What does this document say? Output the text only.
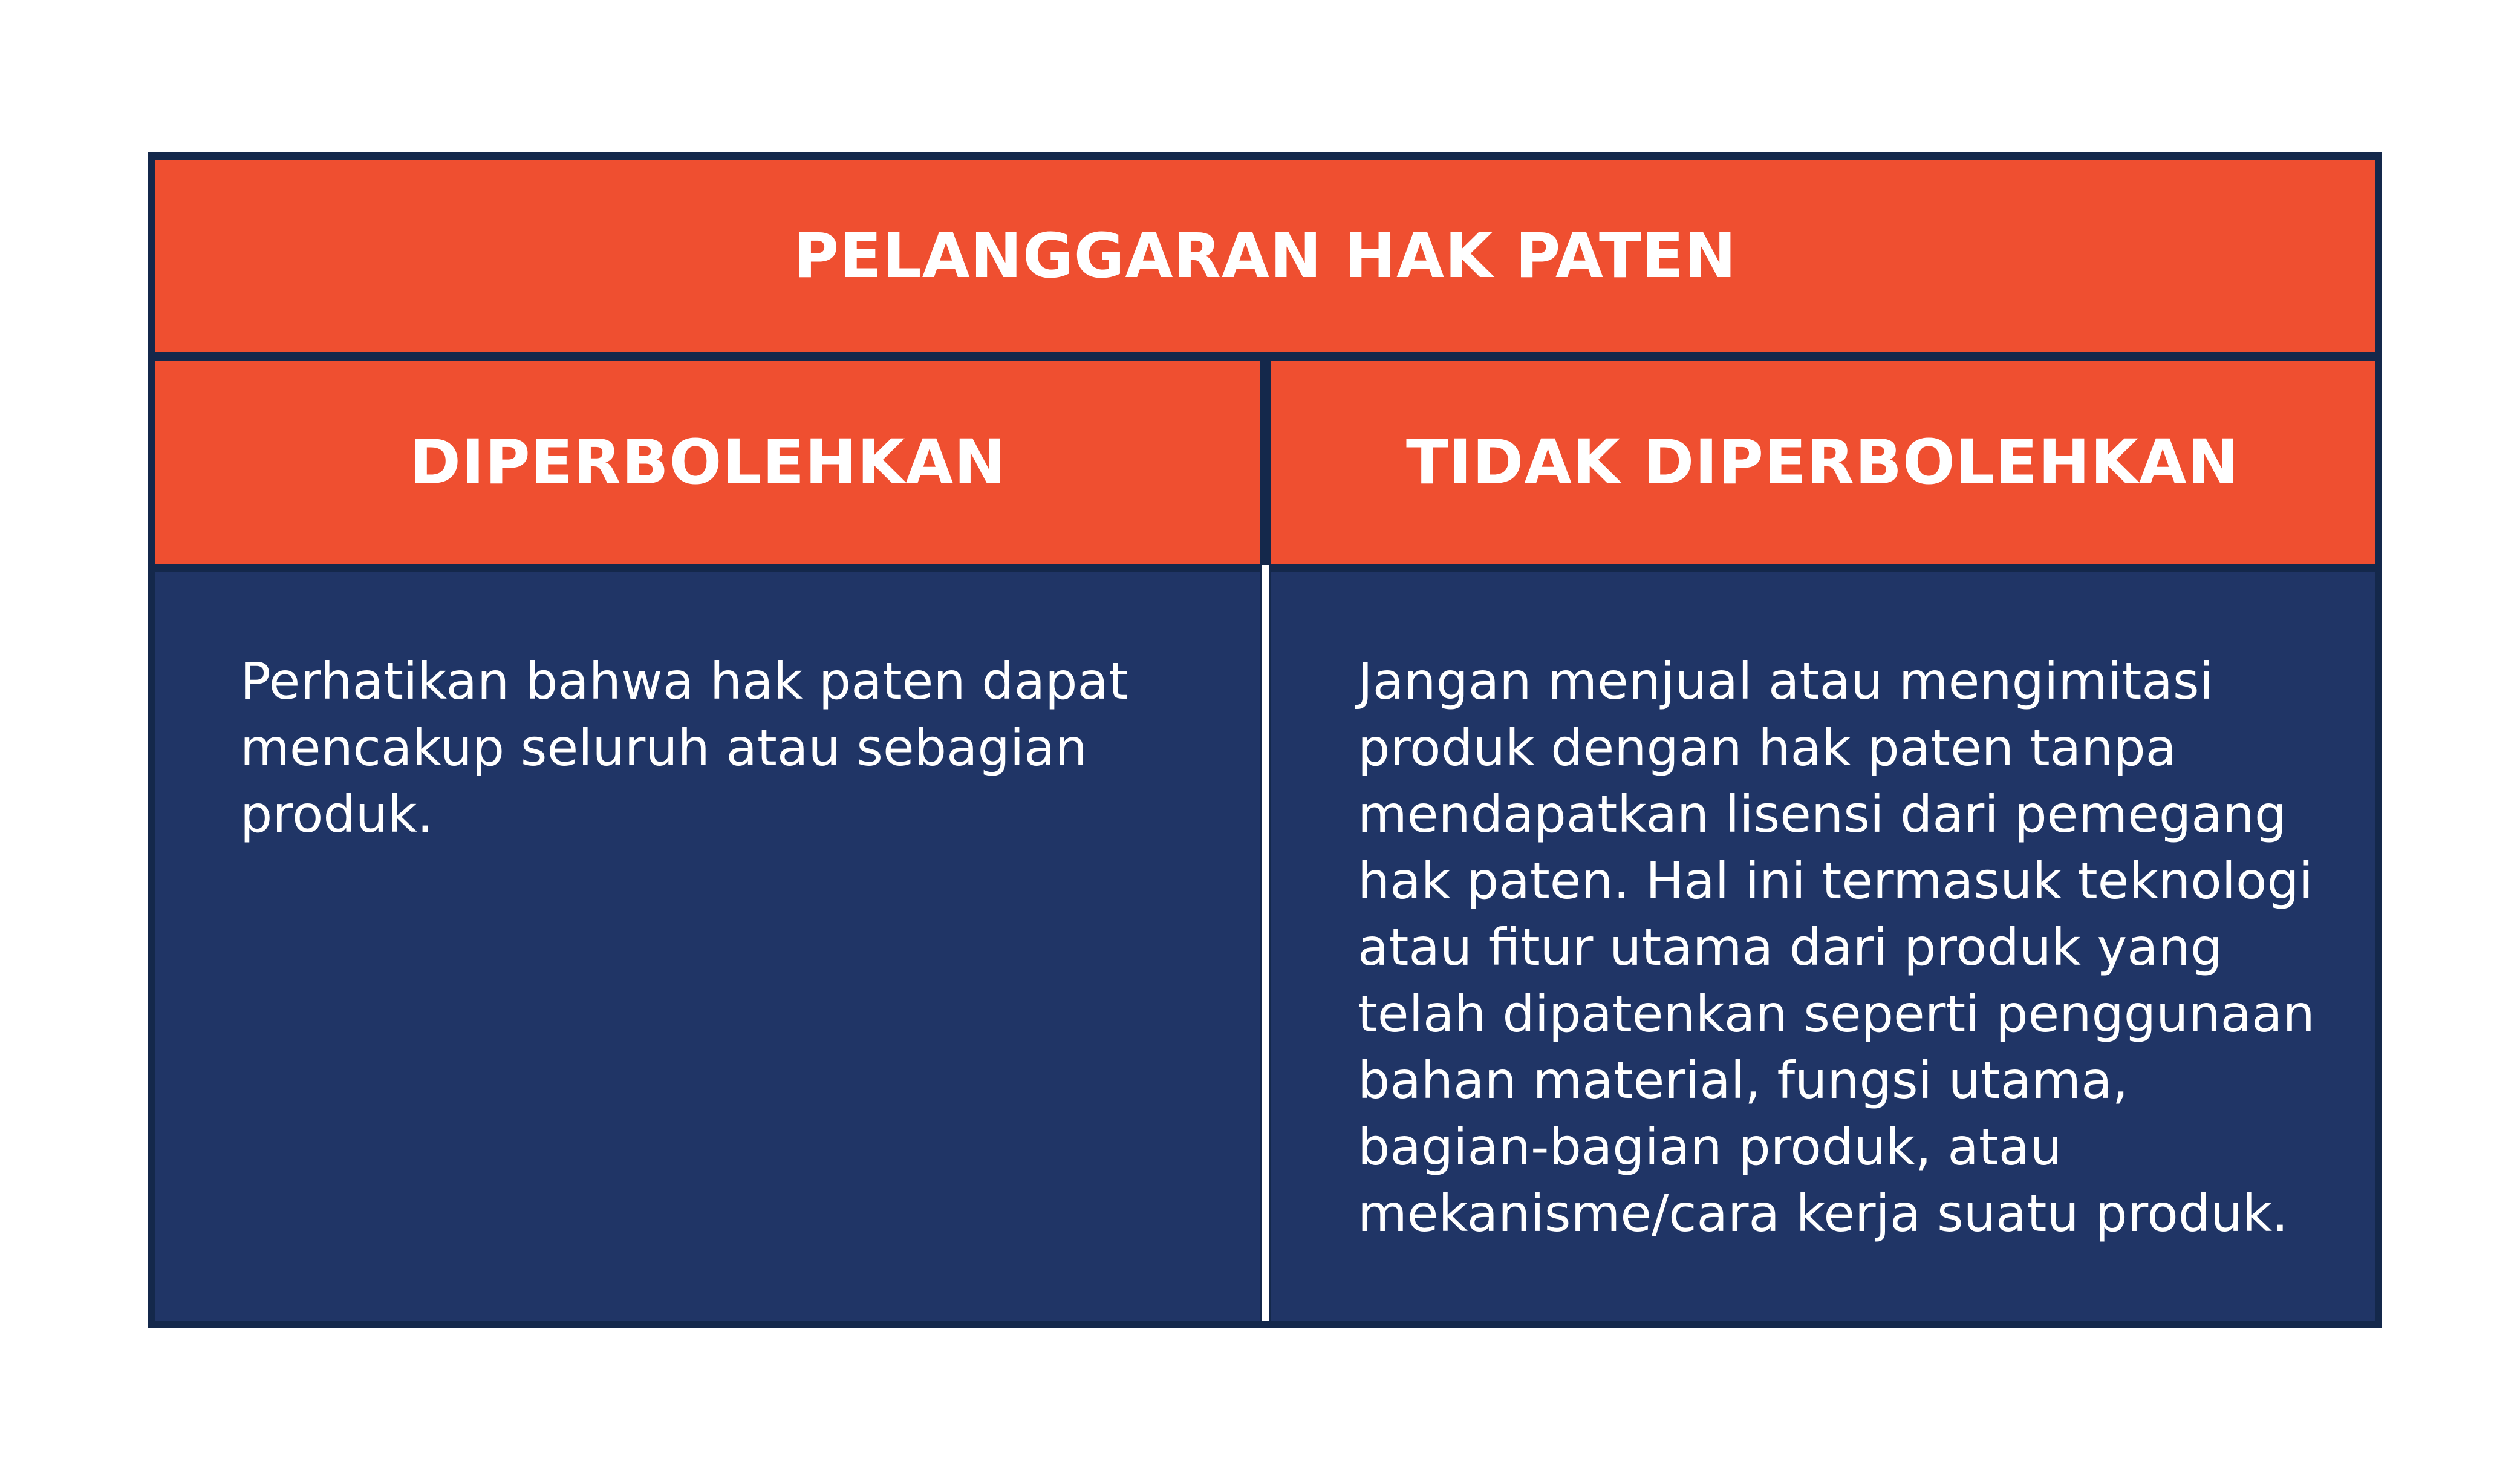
PELANGGARAN HAK PATEN
DIPERBOLEHKAN	TIDAK DIPERBOLEHKAN

Perhatikan bahwa hak paten dapat mencakup seluruh atau sebagian produk.

Jangan menjual atau mengimitasi produk dengan hak paten tanpa mendapatkan lisensi dari pemegang hak paten. Hal ini termasuk teknologi atau fitur utama dari produk yang telah dipatenkan seperti penggunaan bahan material, fungsi utama, bagian-bagian produk, atau mekanisme/cara kerja suatu produk.
